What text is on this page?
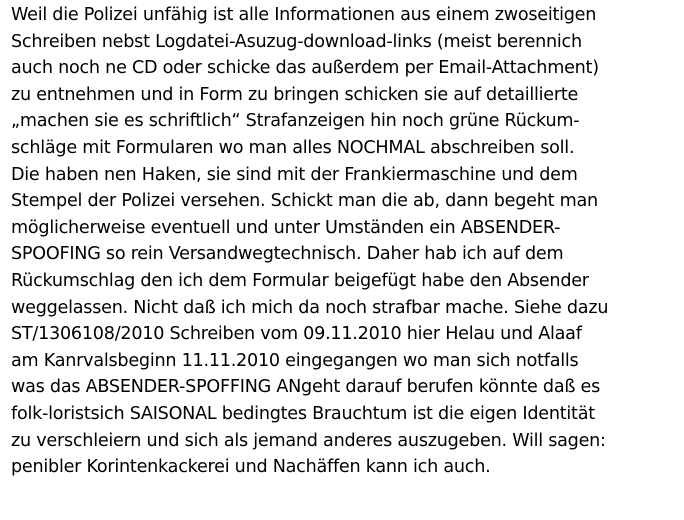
Weil die Polizei unfähig ist alle Informationen aus einem zwoseitigen
Schreiben nebst Logdatei-Asuzug-download-links (meist berennich
auch noch ne CD oder schicke das außerdem per Email-Attachment)
zu entnehmen und in Form zu bringen schicken sie auf detaillierte
„machen sie es schriftlich“ Strafanzeigen hin noch grüne Rückum-
schläge mit Formularen wo man alles NOCHMAL abschreiben soll.
Die haben nen Haken, sie sind mit der Frankiermaschine und dem
Stempel der Polizei versehen. Schickt man die ab, dann begeht man
möglicherweise eventuell und unter Umständen ein ABSENDER-
SPOOFING so rein Versandwegtechnisch. Daher hab ich auf dem
Rückumschlag den ich dem Formular beigefügt habe den Absender
weggelassen. Nicht daß ich mich da noch strafbar mache. Siehe dazu
ST/1306108/2010 Schreiben vom 09.11.2010 hier Helau und Alaaf
am Kanrvalsbeginn 11.11.2010 eingegangen wo man sich notfalls
was das ABSENDER-SPOFFING ANgeht darauf berufen könnte daß es
folk-loristsich SAISONAL bedingtes Brauchtum ist die eigen Identität
zu verschleiern und sich als jemand anderes auszugeben. Will sagen:
penibler Korintenkackerei und Nachäffen kann ich auch.
